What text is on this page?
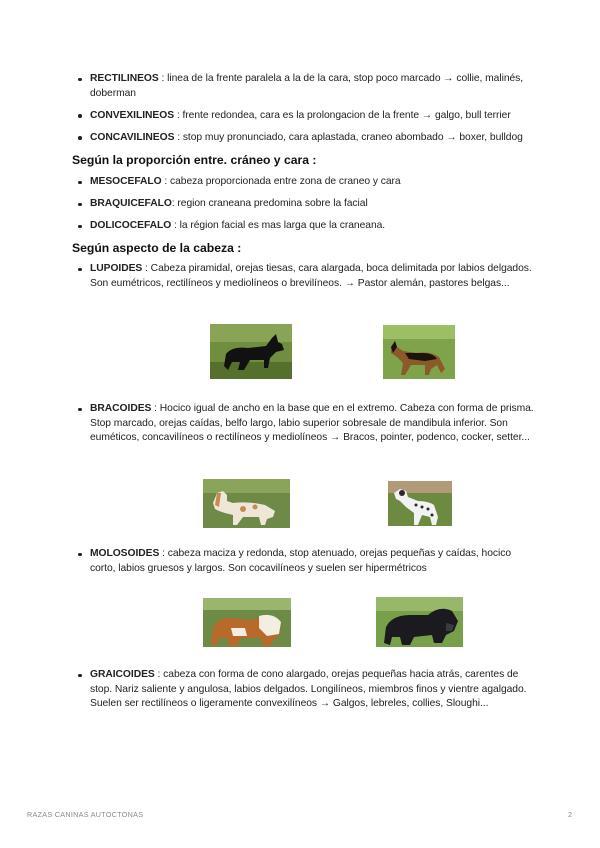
RECTILINEOS : linea de la frente paralela a la de la cara, stop poco marcado → collie, malinés, doberman
CONVEXILINEOS : frente redondea, cara es la prolongacion de la frente → galgo, bull terrier
CONCAVILINEOS : stop muy pronunciado, cara aplastada, craneo abombado → boxer, bulldog
Según la proporción entre. cráneo y cara :
MESOCEFALO : cabeza proporcionada entre zona de craneo y cara
BRAQUICEFALO: region craneana predomina sobre la facial
DOLICOCEFALO : la région facial es mas larga que la craneana.
Según aspecto de la cabeza :
LUPOIDES : Cabeza piramidal, orejas tiesas, cara alargada, boca delimitada por labios delgados. Son eumétricos, rectilíneos y mediolíneos o brevilíneos. → Pastor alemán, pastores belgas...
BRACOIDES : Hocico igual de ancho en la base que en el extremo. Cabeza con forma de prisma. Stop marcado, orejas caídas, belfo largo, labio superior sobresale de mandibula inferior. Son euméticos, concavilíneos o rectilíneos y mediolíneos → Bracos, pointer, podenco, cocker, setter...
MOLOSOIDES : cabeza maciza y redonda, stop atenuado, orejas pequeñas y caídas, hocico corto, labios gruesos y largos. Son cocavilíneos y suelen ser hipermétricos
GRAICOIDES : cabeza con forma de cono alargado, orejas pequeñas hacia atrás, carentes de stop. Nariz saliente y angulosa, labios delgados. Longilíneos, miembros finos y vientre agalgado. Suelen ser rectilíneos o ligeramente convexilíneos → Galgos, lebreles, collies, Sloughi...
RAZAS CANINAS AUTOCTONAS	2
